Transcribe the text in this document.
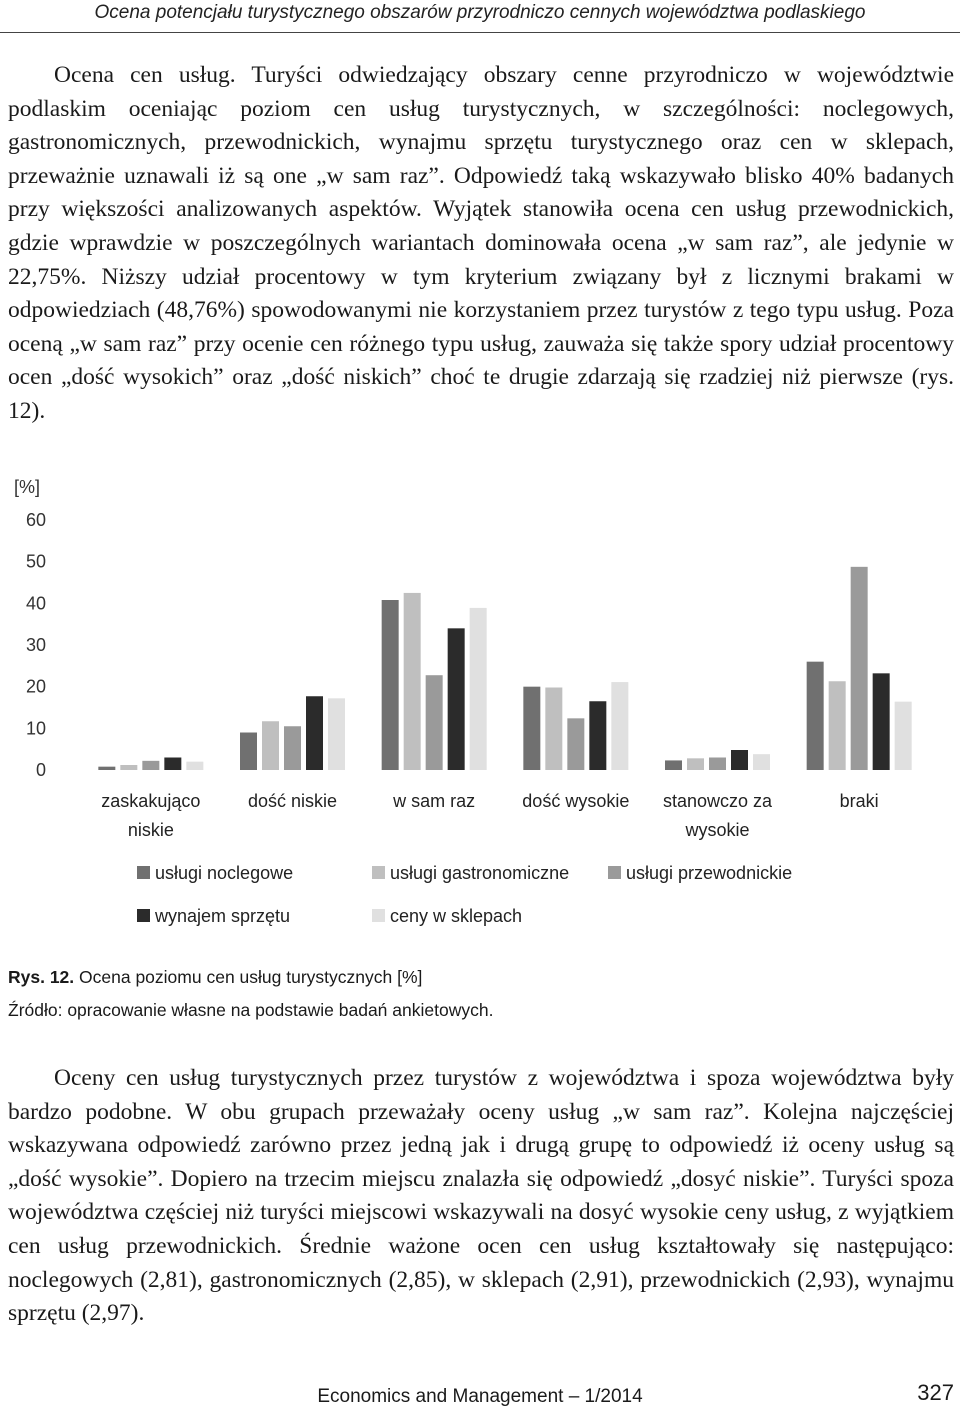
Ocena potencjału turystycznego obszarów przyrodniczo cennych województwa podlaskiego

Ocena cen usług. Turyści odwiedzający obszary cenne przyrodniczo w województwie podlaskim oceniając poziom cen usług turystycznych, w szczególności: noclegowych, gastronomicznych, przewodnickich, wynajmu sprzętu turystycznego oraz cen w sklepach, przeważnie uznawali iż są one „w sam raz”. Odpowiedź taką wskazywało blisko 40% badanych przy większości analizowanych aspektów. Wyjątek stanowiła ocena cen usług przewodnickich, gdzie wprawdzie w poszczególnych wariantach dominowała ocena „w sam raz”, ale jedynie w 22,75%. Niższy udział procentowy w tym kryterium związany był z licznymi brakami w odpowiedziach (48,76%) spowodowanymi nie korzystaniem przez turystów z tego typu usług. Poza oceną „w sam raz” przy ocenie cen różnego typu usług, zauważa się także spory udział procentowy ocen „dość wysokich” oraz „dość niskich” choć te drugie zdarzają się rzadziej niż pierwsze (rys. 12).

[%]
0
10
20
30
40
50
60
zaskakująco
niskie
dość niskie	w sam raz	dość wysokie stanowczo za
wysokie
braki
usługi noclegowe	usługi gastronomiczne	usługi przewodnickie
wynajem sprzętu	ceny w sklepach

Rys. 12. Ocena poziomu cen usług turystycznych [%]

Źródło: opracowanie własne na podstawie badań ankietowych.

Oceny cen usług turystycznych przez turystów z województwa i spoza województwa były bardzo podobne. W obu grupach przeważały oceny usług „w sam raz”. Kolejna najczęściej wskazywana odpowiedź zarówno przez jedną jak i drugą grupę to odpowiedź iż oceny usług są „dość wysokie”. Dopiero na trzecim miejscu znalazła się odpowiedź „dosyć niskie”. Turyści spoza województwa częściej niż turyści miejscowi wskazywali na dosyć wysokie ceny usług, z wyjątkiem cen usług przewodnickich. Średnie ważone ocen cen usług kształtowały się następująco: noclegowych (2,81), gastronomicznych (2,85), w sklepach (2,91), przewodnickich (2,93), wynajmu sprzętu (2,97).

Economics and Management – 1/2014	327
